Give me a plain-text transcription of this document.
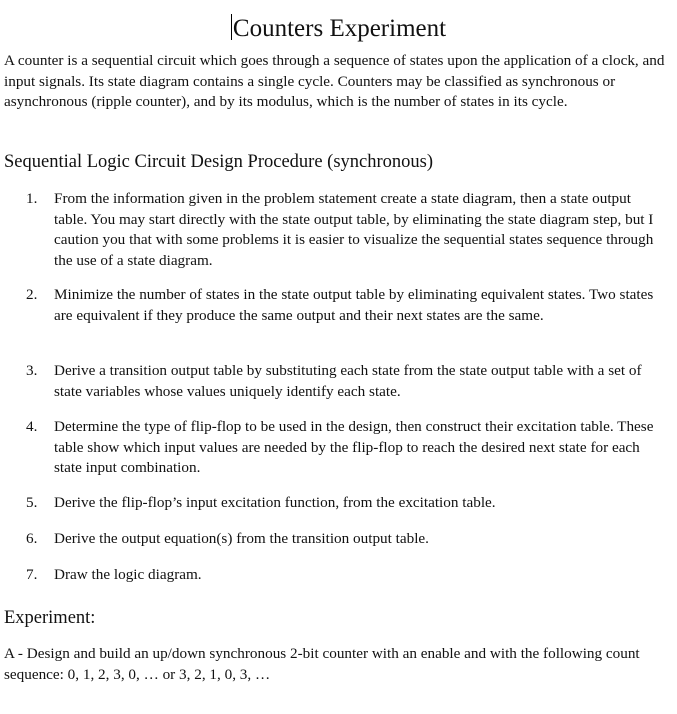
Counters Experiment

A counter is a sequential circuit which goes through a sequence of states upon the application of a clock, and input signals. Its state diagram contains a single cycle. Counters may be classified as synchronous or asynchronous (ripple counter), and by its modulus, which is the number of states in its cycle.

Sequential Logic Circuit Design Procedure (synchronous)
1.	From the information given in the problem statement create a state diagram, then a state output table. You may start directly with the state output table, by eliminating the state diagram step, but I caution you that with some problems it is easier to visualize the sequential states sequence through the use of a state diagram.
2.	Minimize the number of states in the state output table by eliminating equivalent states. Two states are equivalent if they produce the same output and their next states are the same.
3.	Derive a transition output table by substituting each state from the state output table with a set of state variables whose values uniquely identify each state.
4.	Determine the type of flip-flop to be used in the design, then construct their excitation table. These table show which input values are needed by the flip-flop to reach the desired next state for each state input combination.
5.	Derive the flip-flop’s input excitation function, from the excitation table.
6.	Derive the output equation(s) from the transition output table.
7.	Draw the logic diagram.
Experiment:

A - Design and build an up/down synchronous 2-bit counter with an enable and with the following count sequence: 0, 1, 2, 3, 0, … or 3, 2, 1, 0, 3, …
